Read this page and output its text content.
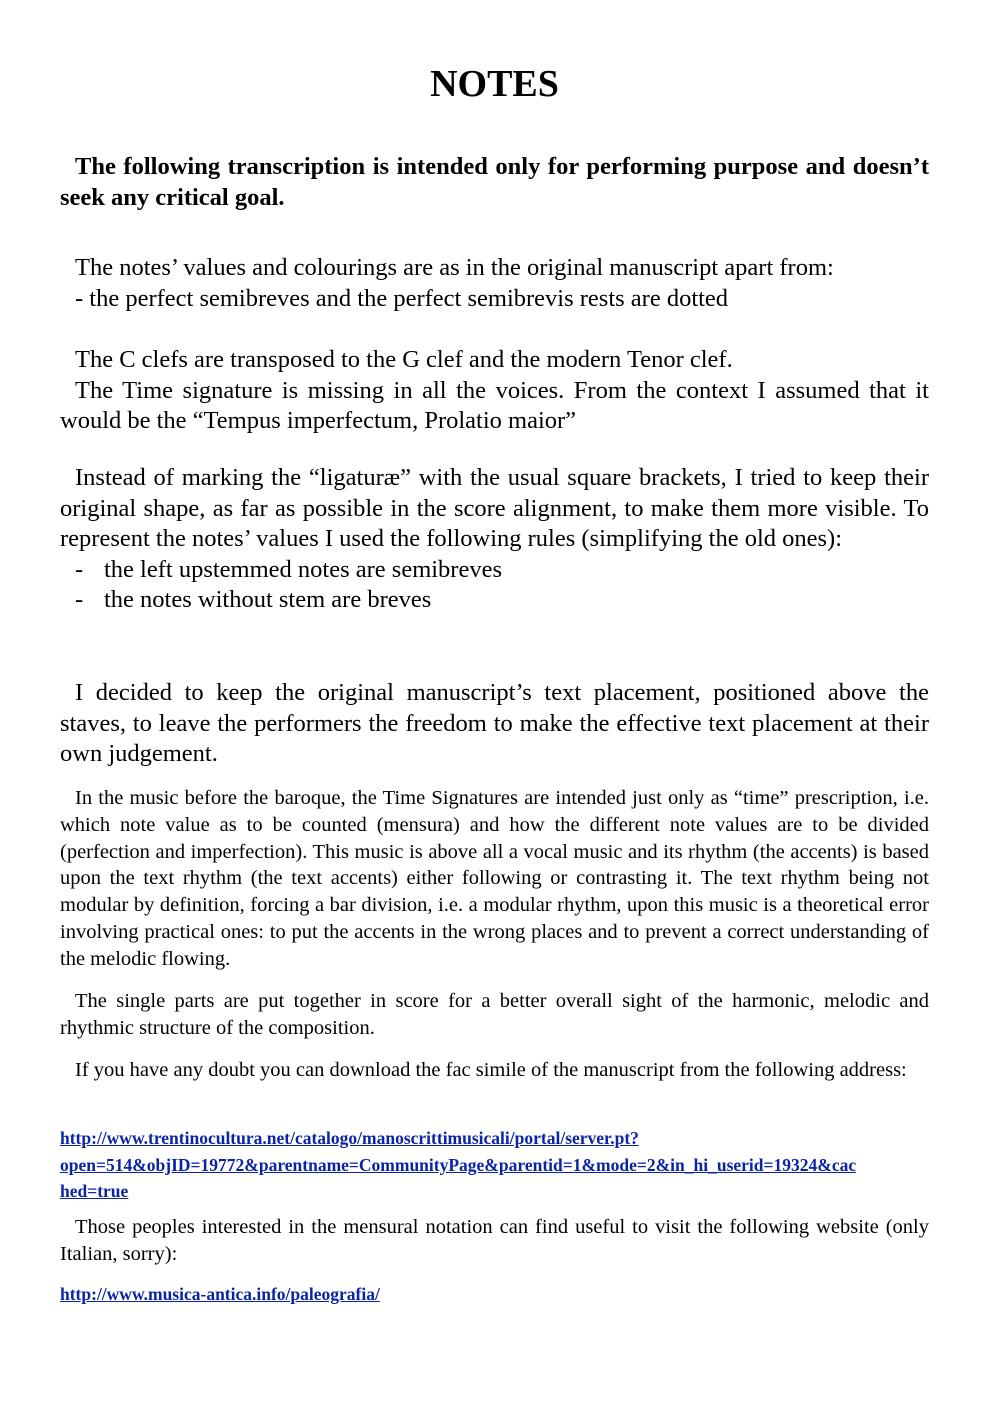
NOTES

The following transcription is intended only for performing purpose and doesn’t seek any critical goal.

The notes’ values and colourings are as in the original manuscript apart from:
- the perfect semibreves and the perfect semibrevis rests are dotted

The C clefs are transposed to the G clef and the modern Tenor clef.
The Time signature is missing in all the voices. From the context I assumed that it would be the “Tempus imperfectum, Prolatio maior”

Instead of marking the “ligaturæ” with the usual square brackets, I tried to keep their original shape, as far as possible in the score alignment, to make them more visible. To represent the notes’ values I used the following rules (simplifying the old ones):
- the left upstemmed notes are semibreves
- the notes without stem are breves

I decided to keep the original manuscript’s text placement, positioned above the staves, to leave the performers the freedom to make the effective text placement at their own judgement.

In the music before the baroque, the Time Signatures are intended just only as “time” prescription, i.e. which note value as to be counted (mensura) and how the different note values are to be divided (perfection and imperfection). This music is above all a vocal music and its rhythm (the accents) is based upon the text rhythm (the text accents) either following or contrasting it. The text rhythm being not modular by definition, forcing a bar division, i.e. a modular rhythm, upon this music is a theoretical error involving practical ones: to put the accents in the wrong places and to prevent a correct understanding of the melodic flowing.

The single parts are put together in score for a better overall sight of the harmonic, melodic and rhythmic structure of the composition.

If you have any doubt you can download the fac simile of the manuscript from the following address:

http://www.trentinocultura.net/catalogo/manoscrittimusicali/portal/server.pt?
open=514&objID=19772&parentname=CommunityPage&parentid=1&mode=2&in_hi_userid=19324&cac
hed=true

Those peoples interested in the mensural notation can find useful to visit the following website (only Italian, sorry):

http://www.musica-antica.info/paleografia/
